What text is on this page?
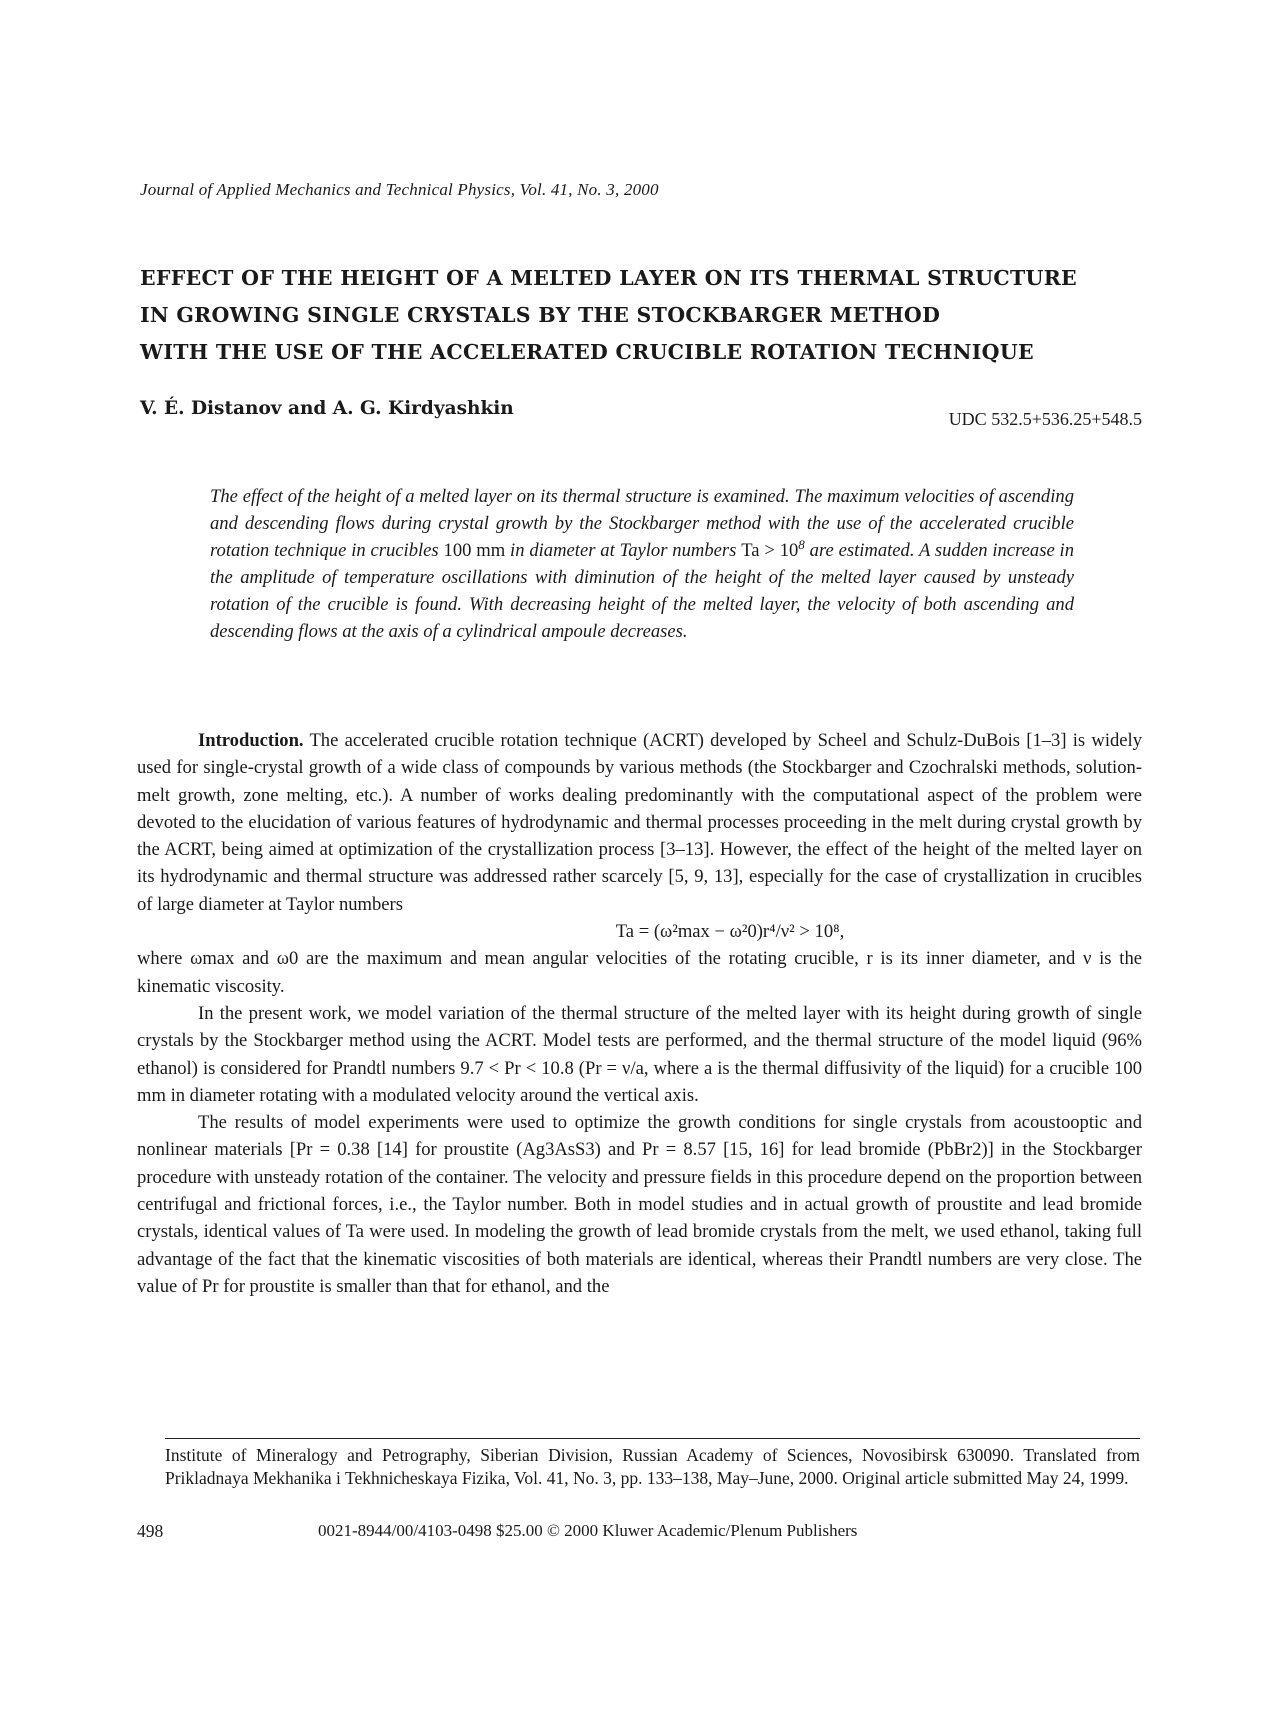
Journal of Applied Mechanics and Technical Physics, Vol. 41, No. 3, 2000
EFFECT OF THE HEIGHT OF A MELTED LAYER ON ITS THERMAL STRUCTURE
IN GROWING SINGLE CRYSTALS BY THE STOCKBARGER METHOD
WITH THE USE OF THE ACCELERATED CRUCIBLE ROTATION TECHNIQUE
V. É. Distanov and A. G. Kirdyashkin	UDC 532.5+536.25+548.5
The effect of the height of a melted layer on its thermal structure is examined. The maximum velocities of ascending and descending flows during crystal growth by the Stockbarger method with the use of the accelerated crucible rotation technique in crucibles 100 mm in diameter at Taylor numbers $Ta > 10^8$ are estimated. A sudden increase in the amplitude of temperature oscillations with diminution of the height of the melted layer caused by unsteady rotation of the crucible is found. With decreasing height of the melted layer, the velocity of both ascending and descending flows at the axis of a cylindrical ampoule decreases.

Introduction. The accelerated crucible rotation technique (ACRT) developed by Scheel and Schulz-DuBois [1–3] is widely used for single-crystal growth of a wide class of compounds by various methods (the Stockbarger and Czochralski methods, solution-melt growth, zone melting, etc.). A number of works dealing predominantly with the computational aspect of the problem were devoted to the elucidation of various features of hydrodynamic and thermal processes proceeding in the melt during crystal growth by the ACRT, being aimed at optimization of the crystallization process [3–13]. However, the effect of the height of the melted layer on its hydrodynamic and thermal structure was addressed rather scarcely [5, 9, 13], especially for the case of crystallization in crucibles of large diameter at Taylor numbers

Ta = (ω²max − ω²0)r⁴/ν² > 10⁸,

where ωmax and ω0 are the maximum and mean angular velocities of the rotating crucible, r is its inner diameter, and ν is the kinematic viscosity.

In the present work, we model variation of the thermal structure of the melted layer with its height during growth of single crystals by the Stockbarger method using the ACRT. Model tests are performed, and the thermal structure of the model liquid (96% ethanol) is considered for Prandtl numbers 9.7 < Pr < 10.8 (Pr = ν/a, where a is the thermal diffusivity of the liquid) for a crucible 100 mm in diameter rotating with a modulated velocity around the vertical axis.

The results of model experiments were used to optimize the growth conditions for single crystals from acoustooptic and nonlinear materials [Pr = 0.38 [14] for proustite (Ag3AsS3) and Pr = 8.57 [15, 16] for lead bromide (PbBr2)] in the Stockbarger procedure with unsteady rotation of the container. The velocity and pressure fields in this procedure depend on the proportion between centrifugal and frictional forces, i.e., the Taylor number. Both in model studies and in actual growth of proustite and lead bromide crystals, identical values of Ta were used. In modeling the growth of lead bromide crystals from the melt, we used ethanol, taking full advantage of the fact that the kinematic viscosities of both materials are identical, whereas their Prandtl numbers are very close. The value of Pr for proustite is smaller than that for ethanol, and the

Institute of Mineralogy and Petrography, Siberian Division, Russian Academy of Sciences, Novosibirsk 630090. Translated from Prikladnaya Mekhanika i Tekhnicheskaya Fizika, Vol. 41, No. 3, pp. 133–138, May–June, 2000. Original article submitted May 24, 1999.
498	0021-8944/00/4103-0498 $25.00 © 2000 Kluwer Academic/Plenum Publishers
